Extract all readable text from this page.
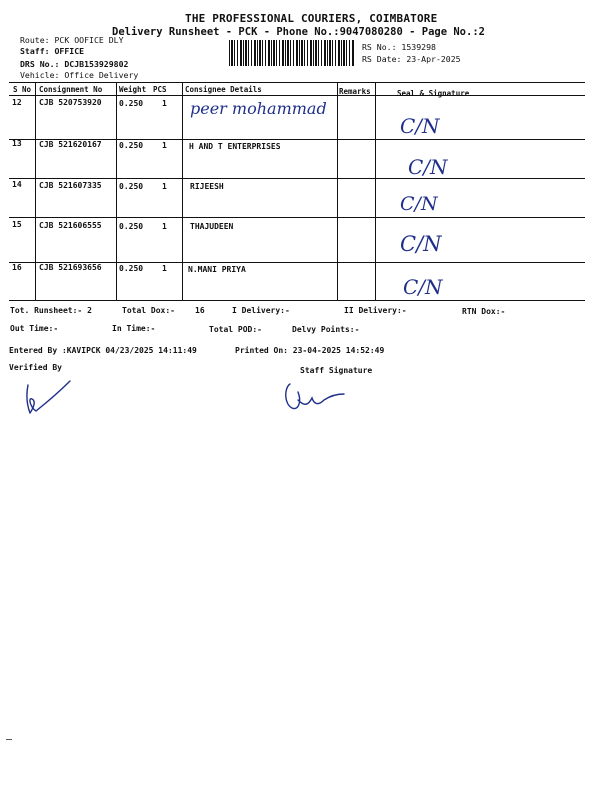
THE PROFESSIONAL COURIERS, COIMBATORE
Delivery Runsheet - PCK - Phone No.:9047080280 - Page No.:2
Route: PCK OOFICE DLY
Staff: OFFICE
DRS No.: DCJB153929802
Vehicle: Office Delivery
RS No.: 1539298
RS Date: 23-Apr-2025
S No Consignment No Weight PCS Consignee Details	Remarks	Seal & Signature
12 CJB 520753920 0.250 1 peer mohammad
C/N
13 CJB 521620167 0.250 1	H AND T ENTERPRISES
C/N
14 CJB 521607335 0.250 1	RIJEESH
C/N
15 CJB 521606555 0.250 1	THAJUDEEN
C/N
16 CJB 521693656 0.250 1	N.MANI PRIYA
C/N
Tot. Runsheet:- 2	Total Dox:-	16	I Delivery:-	II Delivery:-	RTN Dox:-
Out Time:-	In Time:-	Total POD:-	Delvy Points:-
Entered By :KAVIPCK 04/23/2025 14:11:49	Printed On: 23-04-2025 14:52:49
Verified By	Staff Signature
